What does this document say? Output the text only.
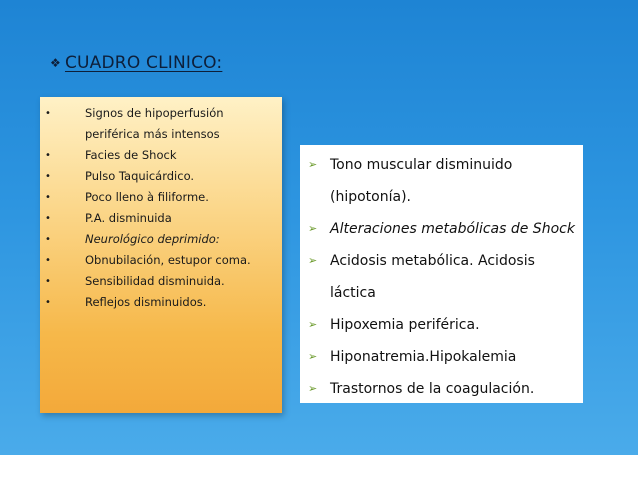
❖ CUADRO CLINICO:
•	Signos de hipoperfusión
periférica más intensos
•	Facies de Shock
•	Pulso Taquicárdico.
•	Poco lleno à filiforme.
•	P.A. disminuida
•	Neurológico deprimido:
•	Obnubilación, estupor coma.
•	Sensibilidad disminuida.
•	Reflejos disminuidos.
➢ Tono muscular disminuido
(hipotonía).
➢ Alteraciones metabólicas de Shock
➢ Acidosis metabólica. Acidosis
láctica
➢ Hipoxemia periférica.
➢ Hiponatremia.Hipokalemia
➢ Trastornos de la coagulación.
